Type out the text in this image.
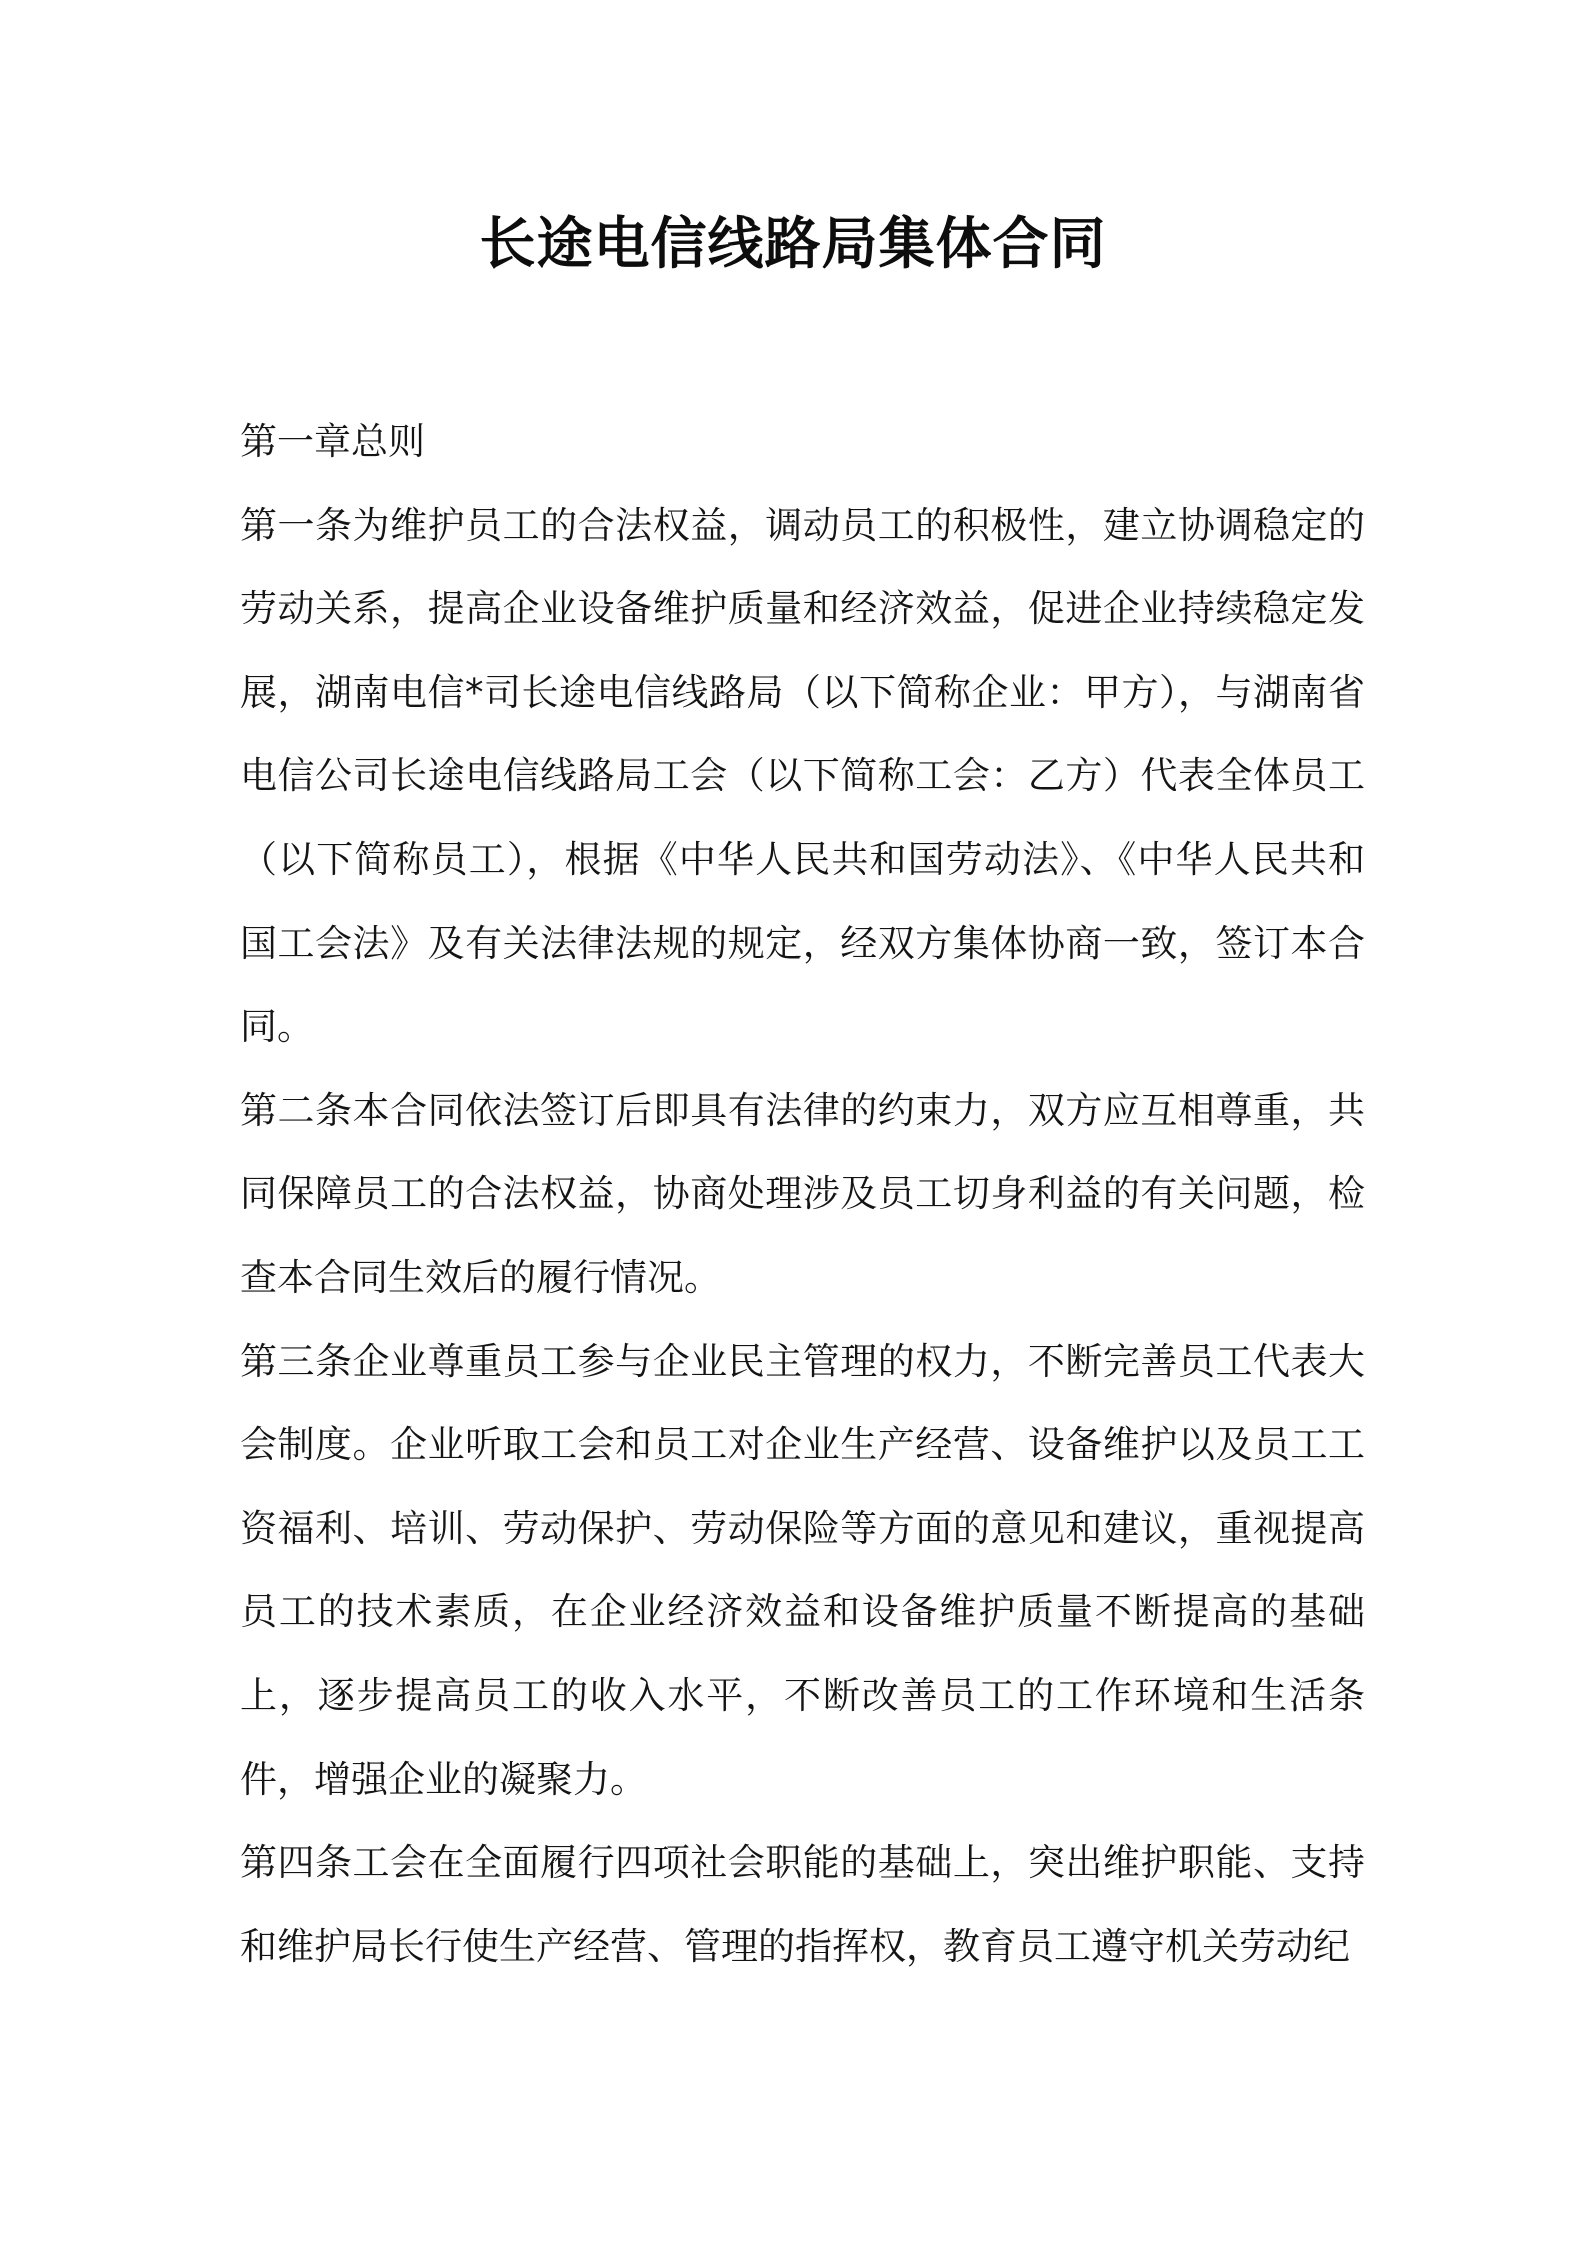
长途电信线路局集体合同
第一章总则

第一条为维护员工的合法权益，调动员工的积极性，建立协调稳定的劳动关系，提高企业设备维护质量和经济效益，促进企业持续稳定发展，湖南电信*司长途电信线路局（以下简称企业：甲方），与湖南省电信公司长途电信线路局工会（以下简称工会：乙方）代表全体员工（以下简称员工），根据《中华人民共和国劳动法》、《中华人民共和国工会法》及有关法律法规的规定，经双方集体协商一致，签订本合同。

第二条本合同依法签订后即具有法律的约束力，双方应互相尊重，共同保障员工的合法权益，协商处理涉及员工切身利益的有关问题，检查本合同生效后的履行情况。

第三条企业尊重员工参与企业民主管理的权力，不断完善员工代表大会制度。企业听取工会和员工对企业生产经营、设备维护以及员工工资福利、培训、劳动保护、劳动保险等方面的意见和建议，重视提高员工的技术素质，在企业经济效益和设备维护质量不断提高的基础上，逐步提高员工的收入水平，不断改善员工的工作环境和生活条件，增强企业的凝聚力。

第四条工会在全面履行四项社会职能的基础上，突出维护职能、支持和维护局长行使生产经营、管理的指挥权，教育员工遵守机关劳动纪
